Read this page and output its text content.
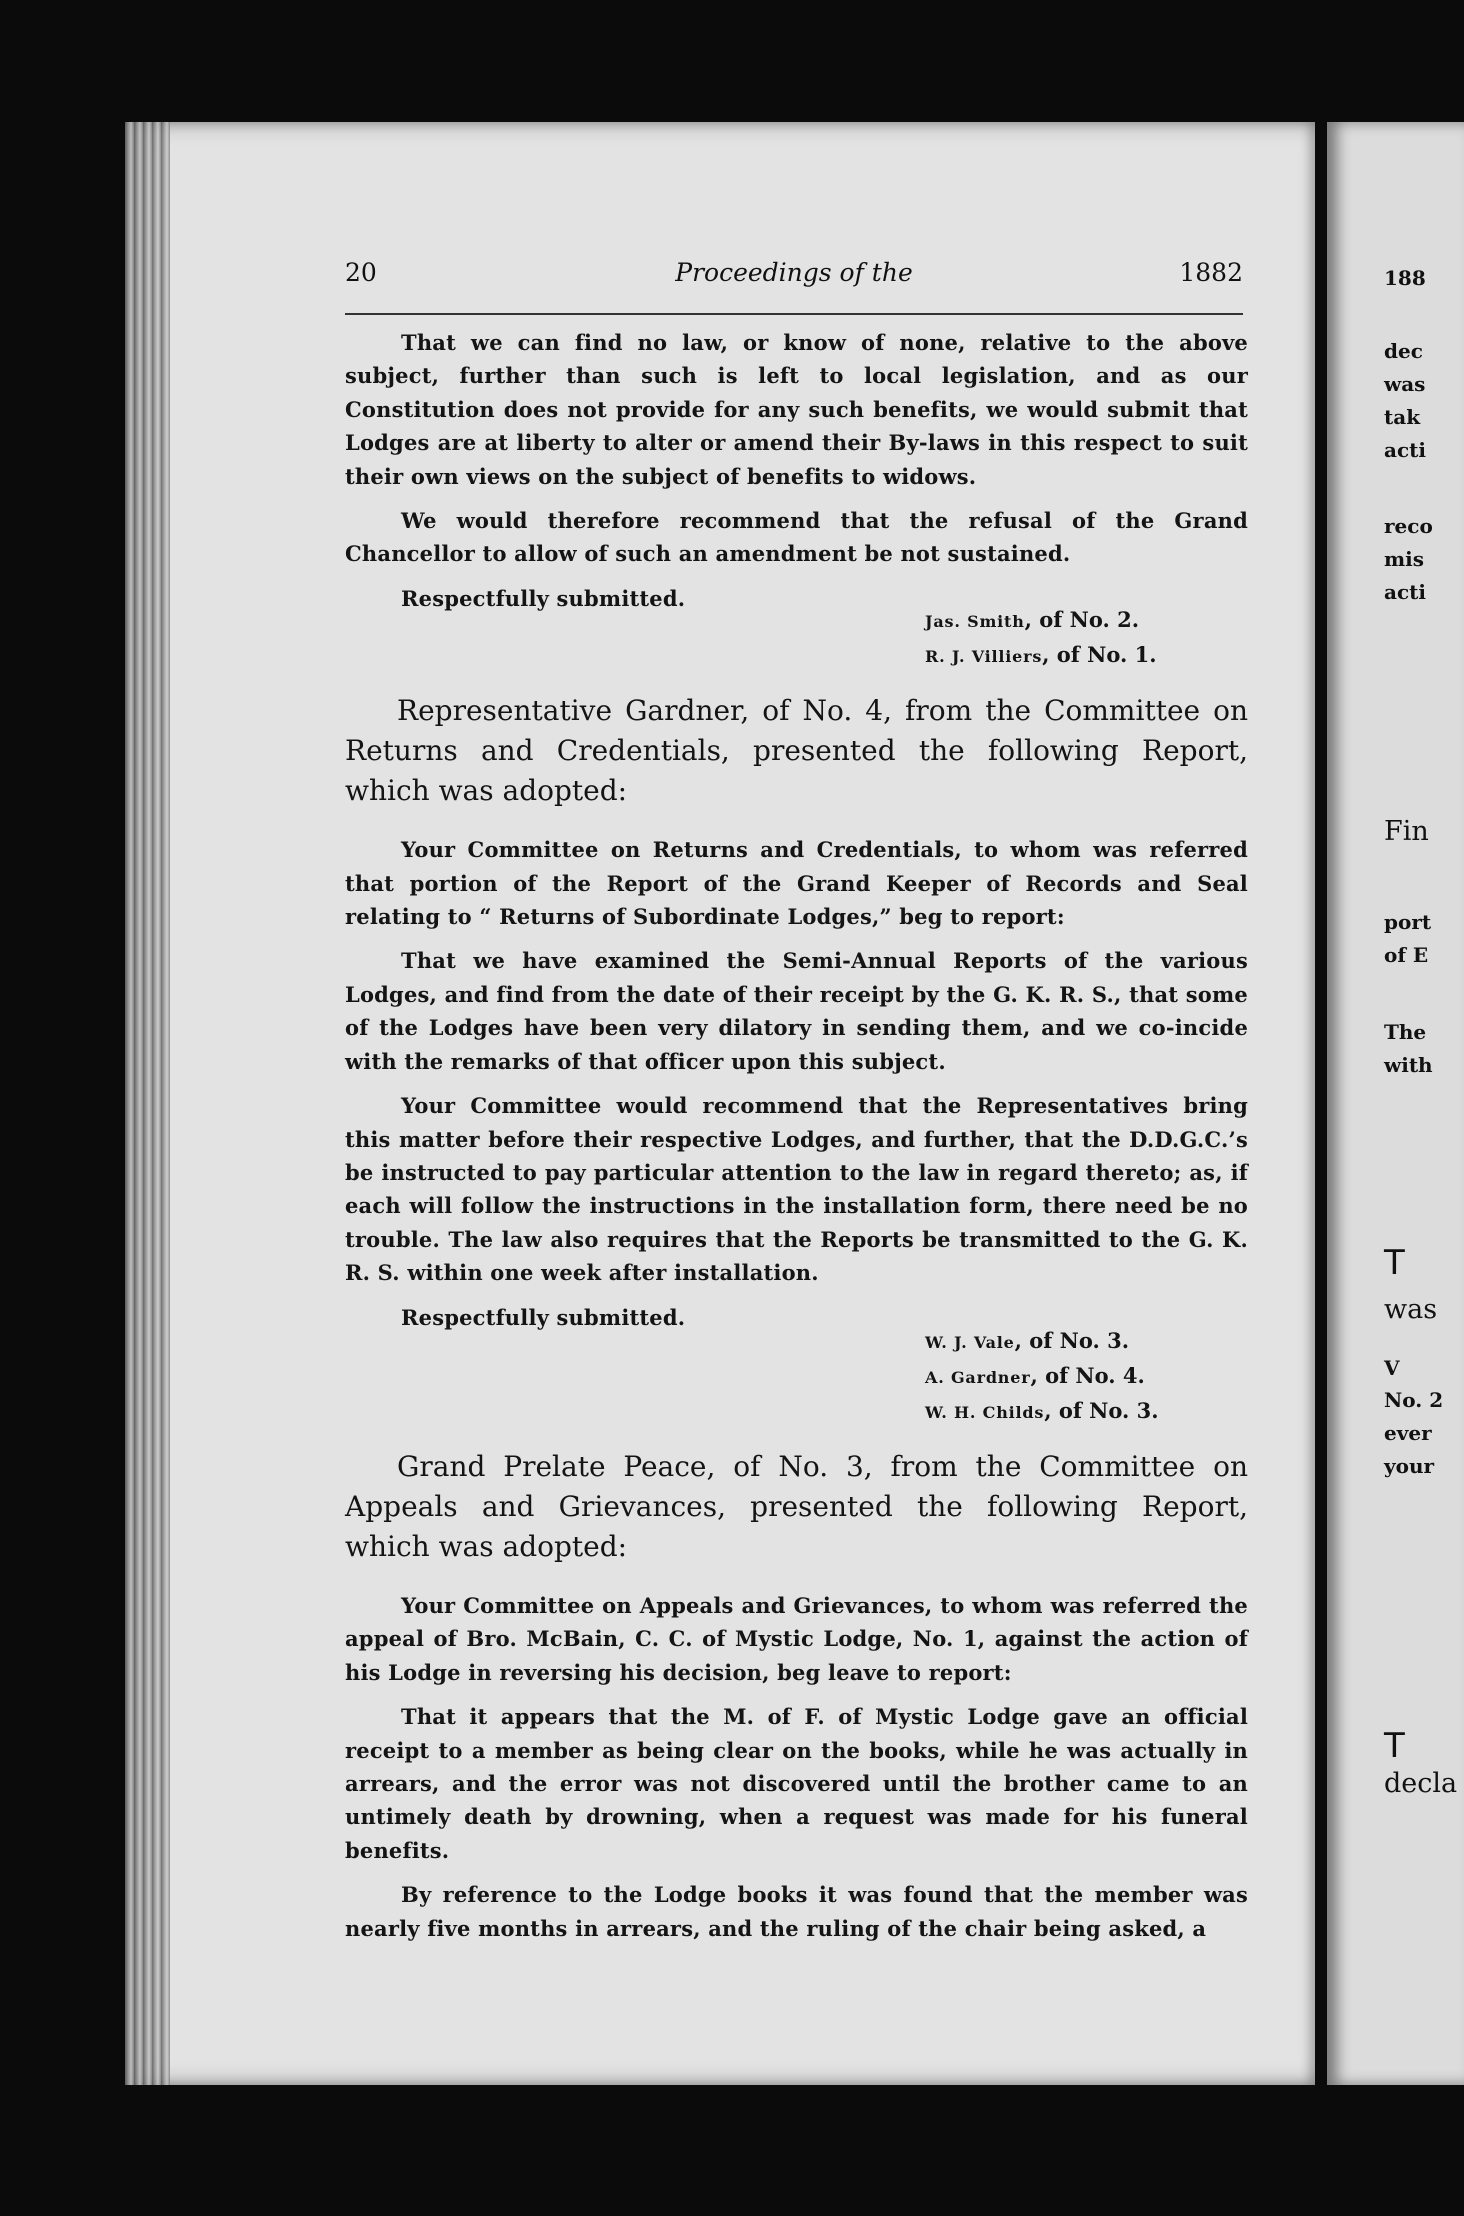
188
dec
was
tak
acti
reco
mis
acti
Fin
port
of E
The
with
T
was
V
No. 2
ever
your
T
decla
20	Proceedings of the	1882

That we can find no law, or know of none, relative to the above subject, further than such is left to local legislation, and as our Constitution does not provide for any such benefits, we would submit that Lodges are at liberty to alter or amend their By-laws in this respect to suit their own views on the subject of benefits to widows.

We would therefore recommend that the refusal of the Grand Chancellor to allow of such an amendment be not sustained.

Respectfully submitted.

Jas. Smith, of No. 2.
R. J. Villiers, of No. 1.

Representative Gardner, of No. 4, from the Committee on Returns and Credentials, presented the following Report, which was adopted:

Your Committee on Returns and Credentials, to whom was referred that portion of the Report of the Grand Keeper of Records and Seal relating to “ Returns of Subordinate Lodges,” beg to report:

That we have examined the Semi-Annual Reports of the various Lodges, and find from the date of their receipt by the G. K. R. S., that some of the Lodges have been very dilatory in sending them, and we co-incide with the remarks of that officer upon this subject.

Your Committee would recommend that the Representatives bring this matter before their respective Lodges, and further, that the D.D.G.C.’s be instructed to pay particular attention to the law in regard thereto; as, if each will follow the instructions in the installation form, there need be no trouble. The law also requires that the Reports be transmitted to the G. K. R. S. within one week after installation.

Respectfully submitted.

W. J. Vale, of No. 3.
A. Gardner, of No. 4.
W. H. Childs, of No. 3.

Grand Prelate Peace, of No. 3, from the Committee on Appeals and Grievances, presented the following Report, which was adopted:

Your Committee on Appeals and Grievances, to whom was referred the appeal of Bro. McBain, C. C. of Mystic Lodge, No. 1, against the action of his Lodge in reversing his decision, beg leave to report:

That it appears that the M. of F. of Mystic Lodge gave an official receipt to a member as being clear on the books, while he was actually in arrears, and the error was not discovered until the brother came to an untimely death by drowning, when a request was made for his funeral benefits.

By reference to the Lodge books it was found that the member was nearly five months in arrears, and the ruling of the chair being asked, a
